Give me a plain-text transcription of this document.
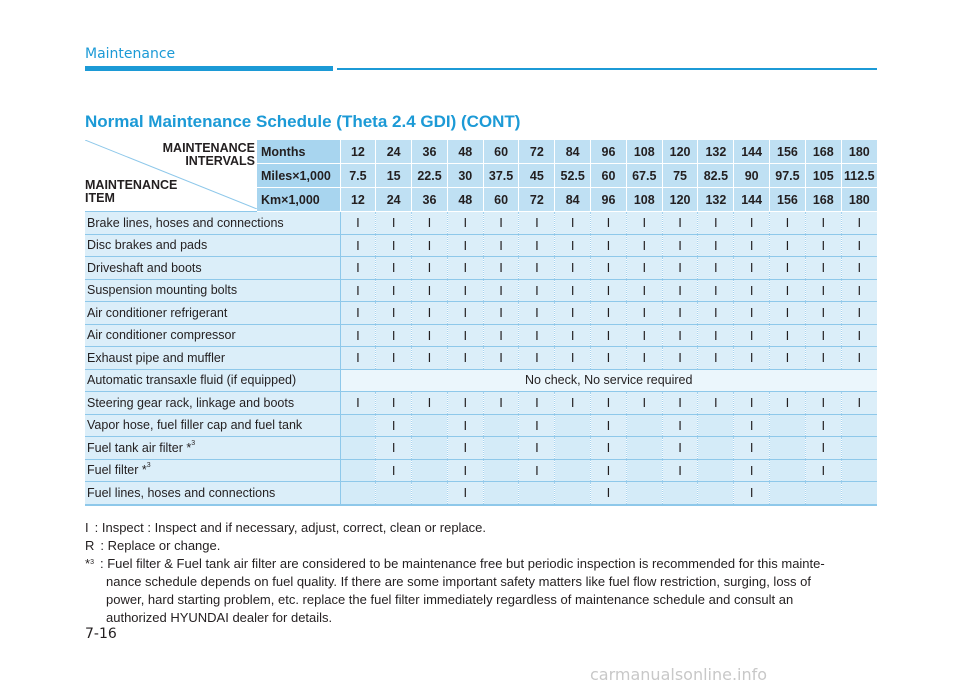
Maintenance
Normal Maintenance Schedule (Theta 2.4 GDI) (CONT)
MAINTENANCE
INTERVALS
MAINTENANCE
ITEM	Months	12	24	36	48	60	72	84	96	108	120	132	144	156	168	180
	Miles×1,000	7.5	15	22.5	30	37.5	45	52.5	60	67.5	75	82.5	90	97.5	105	112.5
	Km×1,000	12	24	36	48	60	72	84	96	108	120	132	144	156	168	180
Brake lines, hoses and connections		I	I	I	I	I	I	I	I	I	I	I	I	I	I	I
Disc brakes and pads		I	I	I	I	I	I	I	I	I	I	I	I	I	I	I
Driveshaft and boots		I	I	I	I	I	I	I	I	I	I	I	I	I	I	I
Suspension mounting bolts		I	I	I	I	I	I	I	I	I	I	I	I	I	I	I
Air conditioner refrigerant		I	I	I	I	I	I	I	I	I	I	I	I	I	I	I
Air conditioner compressor		I	I	I	I	I	I	I	I	I	I	I	I	I	I	I
Exhaust pipe and muffler		I	I	I	I	I	I	I	I	I	I	I	I	I	I	I
Automatic transaxle fluid (if equipped)		No check, No service required														
Steering gear rack, linkage and boots		I	I	I	I	I	I	I	I	I	I	I	I	I	I	I
Vapor hose, fuel filler cap and fuel tank			I		I		I		I		I		I		I	
Fuel tank air filter *$^3$			I		I		I		I		I		I		I	
Fuel filter *$^3$			I		I		I		I		I		I		I	
Fuel lines, hoses and connections					I				I				I			
I : Inspect : Inspect and if necessary, adjust, correct, clean or replace.
R : Replace or change.
*$^3$ : Fuel filter & Fuel tank air filter are considered to be maintenance free but periodic inspection is recommended for this mainte-
nance schedule depends on fuel quality. If there are some important safety matters like fuel flow restriction, surging, loss of
power, hard starting problem, etc. replace the fuel filter immediately regardless of maintenance schedule and consult an
authorized HYUNDAI dealer for details.
7-16
carmanualsonline.info
